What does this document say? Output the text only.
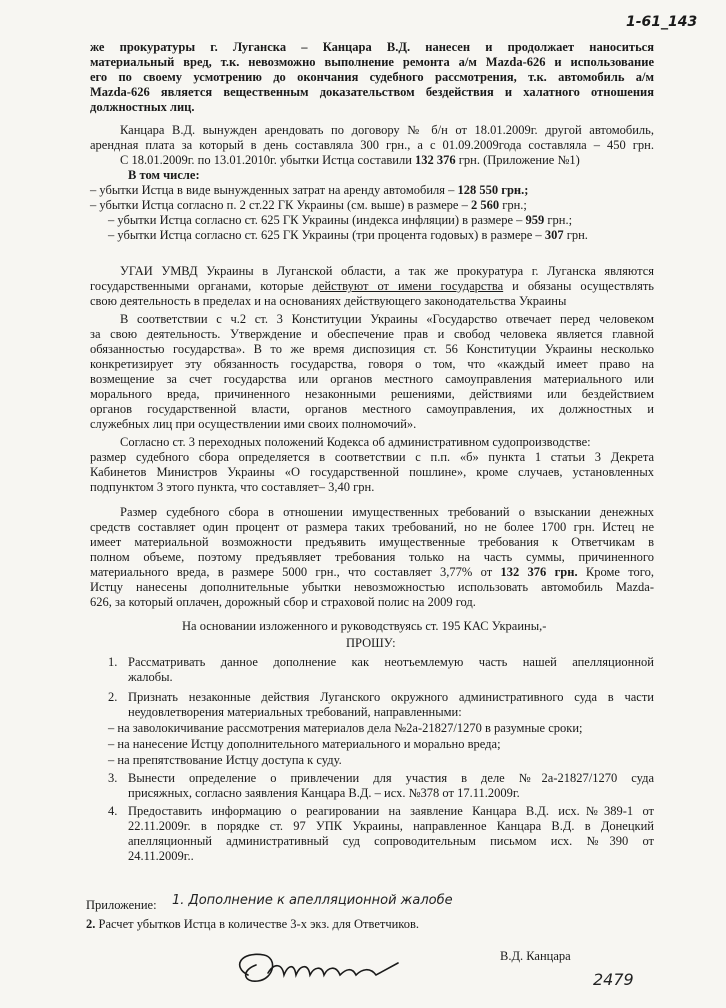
1-61_143
же прокуратуры г. Луганска – Канцара В.Д. нанесен и продолжает наноситься
материальный вред, т.к. невозможно выполнение ремонта а/м Mazda-626 и использование
его по своему усмотрению до окончания судебного рассмотрения, т.к. автомобиль а/м
Mazda-626 является вещественным доказательством бездействия и халатного отношения
должностных лиц.
Канцара В.Д. вынужден арендовать по договору № б/н от 18.01.2009г. другой автомобиль,
арендная плата за который в день составляла 300 грн., а с 01.09.2009года составляла – 450 грн.
С 18.01.2009г. по 13.01.2010г. убытки Истца составили 132 376 грн. (Приложение №1)
В том числе:
– убытки Истца в виде вынужденных затрат на аренду автомобиля – 128 550 грн.;
– убытки Истца согласно п. 2 ст.22 ГК Украины (см. выше) в размере – 2 560 грн.;
– убытки Истца согласно ст. 625 ГК Украины (индекса инфляции) в размере – 959 грн.;
– убытки Истца согласно ст. 625 ГК Украины (три процента годовых) в размере – 307 грн.
УГАИ УМВД Украины в Луганской области, а так же прокуратура г. Луганска являются
государственными органами, которые действуют от имени государства и обязаны осуществлять
свою деятельность в пределах и на основаниях действующего законодательства Украины
В соответствии с ч.2 ст. 3 Конституции Украины «Государство отвечает перед человеком
за свою деятельность. Утверждение и обеспечение прав и свобод человека является главной
обязанностью государства». В то же время диспозиция ст. 56 Конституции Украины несколько
конкретизирует эту обязанность государства, говоря о том, что «каждый имеет право на
возмещение за счет государства или органов местного самоуправления материального или
морального вреда, причиненного незаконными решениями, действиями или бездействием
органов государственной власти, органов местного самоуправления, их должностных и
служебных лиц при осуществлении ими своих полномочий».
Согласно ст. 3 переходных положений Кодекса об административном судопроизводстве:
размер судебного сбора определяется в соответствии с п.п. «б» пункта 1 статьи 3 Декрета
Кабинетов Министров Украины «О государственной пошлине», кроме случаев, установленных
подпунктом 3 этого пункта, что составляет– 3,40 грн.
Размер судебного сбора в отношении имущественных требований о взыскании денежных
средств составляет один процент от размера таких требований, но не более 1700 грн. Истец не
имеет материальной возможности предъявить имущественные требования к Ответчикам в
полном объеме, поэтому предъявляет требования только на часть суммы, причиненного
материального вреда, в размере 5000 грн., что составляет 3,77% от 132 376 грн. Кроме того,
Истцу нанесены дополнительные убытки невозможностью использовать автомобиль Mazda-
626, за который оплачен, дорожный сбор и страховой полис на 2009 год.
На основании изложенного и руководствуясь ст. 195 КАС Украины,-
ПРОШУ:
1. Рассматривать данное дополнение как неотъемлемую часть нашей апелляционной
жалобы.
2. Признать незаконные действия Луганского окружного административного суда в части
неудовлетворения материальных требований, направленными:
– на заволокичивание рассмотрения материалов дела №2а-21827/1270 в разумные сроки;
– на нанесение Истцу дополнительного материального и морально вреда;
– на препятствование Истцу доступа к суду.
3. Вынести определение о привлечении для участия в деле №2а-21827/1270 суда
присяжных, согласно заявления Канцара В.Д. – исх. №378 от 17.11.2009г.
4. Предоставить информацию о реагировании на заявление Канцара В.Д. исх.№389-1 от
22.11.2009г. в порядке ст. 97 УПК Украины, направленное Канцара В.Д. в Донецкий
апелляционный административный суд сопроводительным письмом исх. №390 от
24.11.2009г..
Приложение: 1. Дополнение к апелляционной жалобе
2. Расчет убытков Истца в количестве 3-х экз. для Ответчиков.
В.Д. Канцара
2479
